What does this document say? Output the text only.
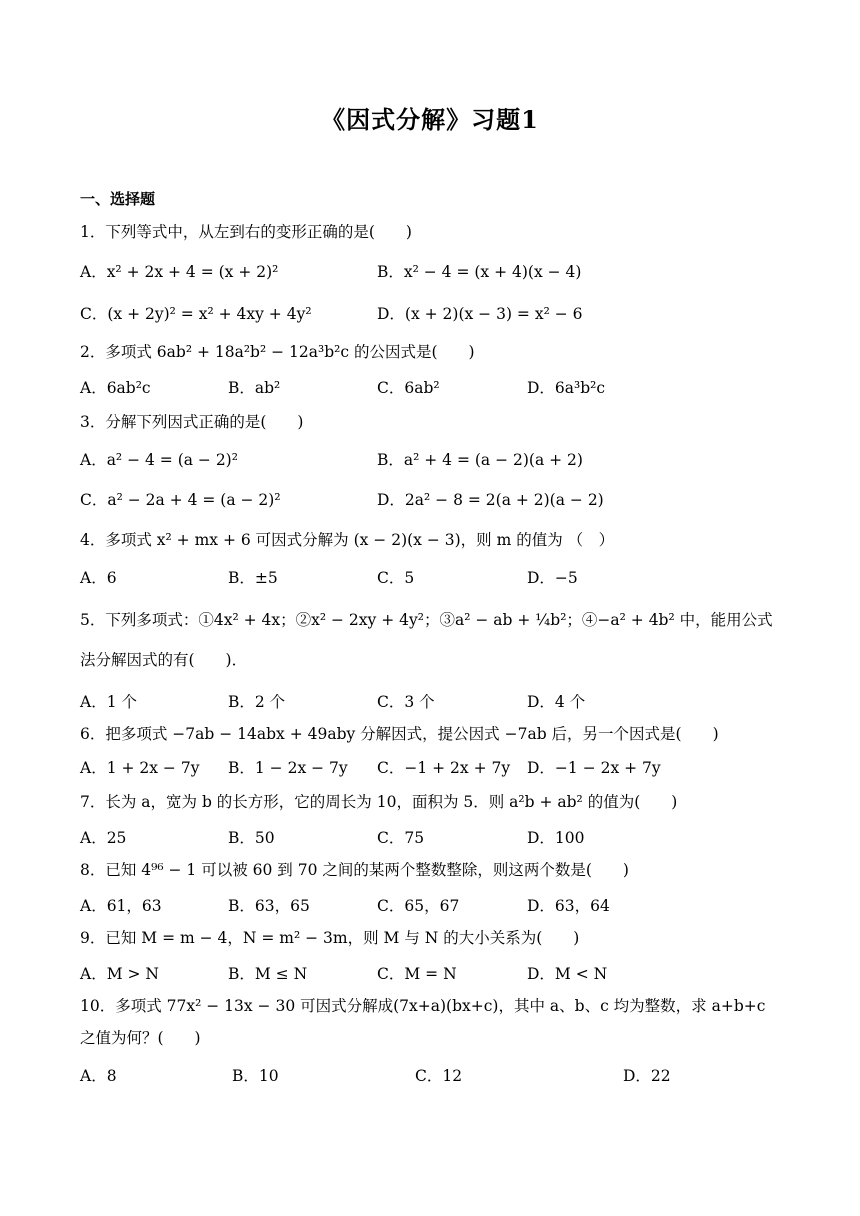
《因式分解》习题1
一、选择题
1．下列等式中，从左到右的变形正确的是(　　)
A．x² + 2x + 4 = (x + 2)²	B．x² − 4 = (x + 4)(x − 4)
C．(x + 2y)² = x² + 4xy + 4y²	D．(x + 2)(x − 3) = x² − 6
2．多项式 6ab² + 18a²b² − 12a³b²c 的公因式是(　　)
A．6ab²c	B．ab²	C．6ab²	D．6a³b²c
3．分解下列因式正确的是(　　)
A．a² − 4 = (a − 2)²	B．a² + 4 = (a − 2)(a + 2)
C．a² − 2a + 4 = (a − 2)²	D．2a² − 8 = 2(a + 2)(a − 2)
4．多项式 x² + mx + 6 可因式分解为 (x − 2)(x − 3)，则 m 的值为 （　）
A．6	B．±5	C．5	D．−5
5．下列多项式：①4x² + 4x；②x² − 2xy + 4y²；③a² − ab + ¼b²；④−a² + 4b² 中，能用公式法分解因式的有(　　)．
A．1 个	B．2 个	C．3 个	D．4 个
6．把多项式 −7ab − 14abx + 49aby 分解因式，提公因式 −7ab 后，另一个因式是(　　)
A．1 + 2x − 7y B．1 − 2x − 7y C．−1 + 2x + 7y D．−1 − 2x + 7y
7．长为 a，宽为 b 的长方形，它的周长为 10，面积为 5．则 a²b + ab² 的值为(　　)
A．25	B．50	C．75	D．100
8．已知 4⁹⁶ − 1 可以被 60 到 70 之间的某两个整数整除，则这两个数是(　　)
A．61，63	B．63，65	C．65，67	D．63，64
9．已知 M = m − 4，N = m² − 3m，则 M 与 N 的大小关系为(　　)
A．M > N	B．M ≤ N	C．M = N	D．M < N
10．多项式 77x² − 13x − 30 可因式分解成(7x+a)(bx+c)，其中 a、b、c 均为整数，求 a+b+c 之值为何？(　　)
A．8	B．10	C．12	D．22
